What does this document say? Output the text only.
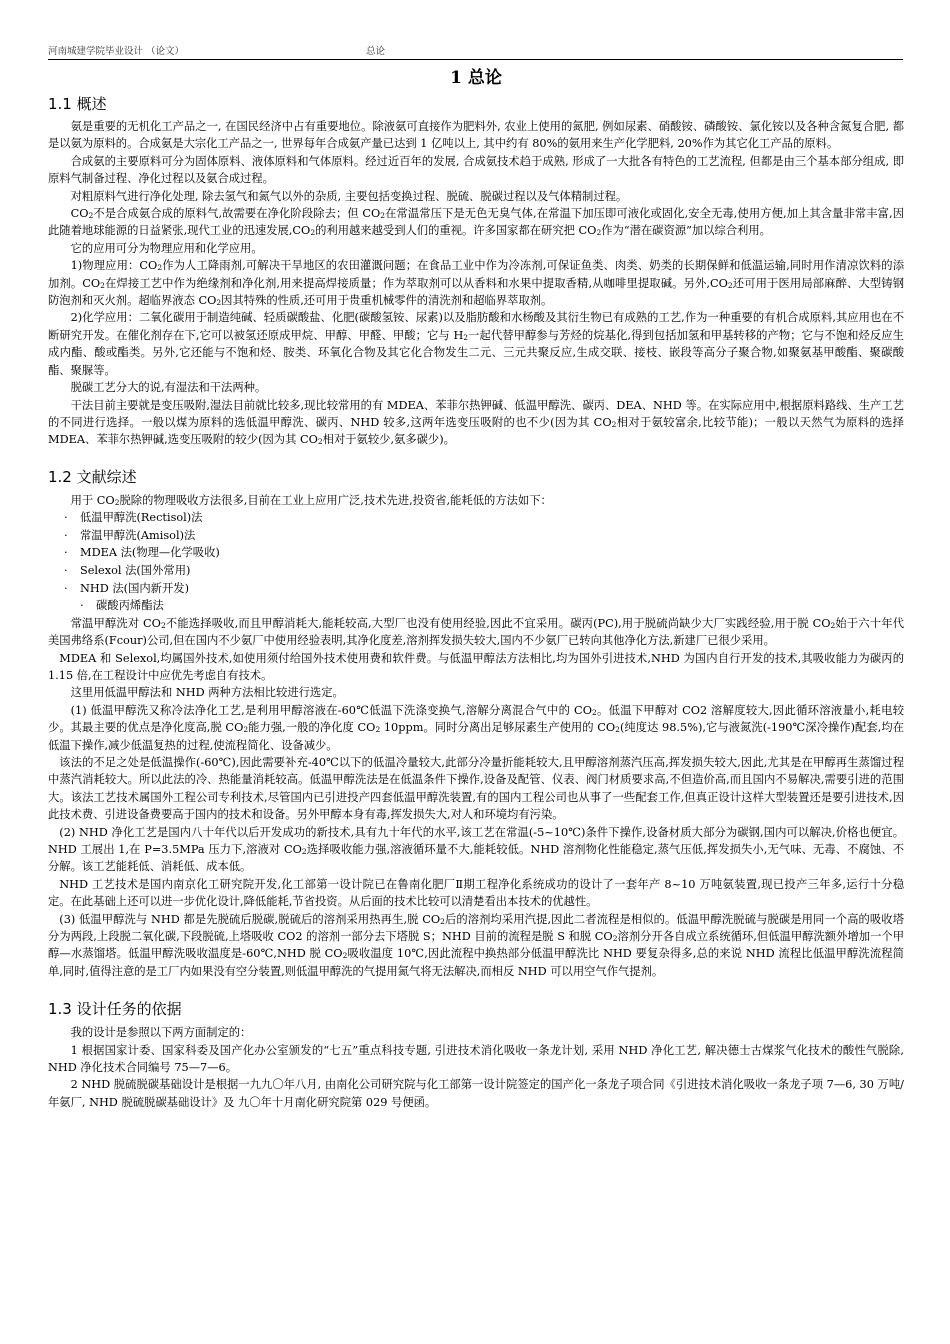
河南城建学院毕业设计 （论文）	总论
1 总论
1.1 概述

氨是重要的无机化工产品之一, 在国民经济中占有重要地位。除液氨可直接作为肥料外, 农业上使用的氮肥, 例如尿素、硝酸铵、磷酸铵、氯化铵以及各种含氮复合肥, 都是以氨为原料的。合成氨是大宗化工产品之一, 世界每年合成氨产量已达到 1 亿吨以上, 其中约有 80%的氨用来生产化学肥料, 20%作为其它化工产品的原料。

合成氨的主要原料可分为固体原料、液体原料和气体原料。经过近百年的发展, 合成氨技术趋于成熟, 形成了一大批各有特色的工艺流程, 但都是由三个基本部分组成, 即原料气制备过程、净化过程以及氨合成过程。

对粗原料气进行净化处理, 除去氢气和氮气以外的杂质, 主要包括变换过程、脱硫、脱碳过程以及气体精制过程。

$CO_2$不是合成氨合成的原料气,故需要在净化阶段除去；但 $CO_2$在常温常压下是无色无臭气体,在常温下加压即可液化或固化,安全无毒,使用方便,加上其含量非常丰富,因此随着地球能源的日益紧张,现代工业的迅速发展$,CO_2$的利用越来越受到人们的重视。许多国家都在研究把 $CO_2$作为“潜在碳资源”加以综合利用。

它的应用可分为物理应用和化学应用。

1)物理应用：$CO_2$作为人工降雨剂,可解决干旱地区的农田灌溉问题；在食品工业中作为冷冻剂,可保证鱼类、肉类、奶类的长期保鲜和低温运输,同时用作清凉饮料的添加剂。$CO_2$在焊接工艺中作为绝缘剂和净化剂,用来提高焊接质量；作为萃取剂可以从香料和水果中提取香精,从咖啡里提取碱。另外$,CO_2$还可用于医用局部麻醉、大型铸钢防泡剂和灭火剂。超临界液态 $CO_2$因其特殊的性质,还可用于贵重机械零件的清洗剂和超临界萃取剂。

2)化学应用：二氧化碳用于制造纯碱、轻质碳酸盐、化肥(碳酸氢铵、尿素)以及脂肪酸和水杨酸及其衍生物已有成熟的工艺,作为一种重要的有机合成原料,其应用也在不断研究开发。在催化剂存在下,它可以被氢还原成甲烷、甲醇、甲醛、甲酸；它与 $H_2$一起代替甲醇参与芳烃的烷基化,得到包括加氢和甲基转移的产物；它与不饱和烃反应生成内酯、酸或酯类。另外,它还能与不饱和烃、胺类、环氧化合物及其它化合物发生二元、三元共聚反应,生成交联、接枝、嵌段等高分子聚合物,如聚氨基甲酸酯、聚碳酸酯、聚脲等。

脱碳工艺分大的说,有湿法和干法两种。

干法目前主要就是变压吸附,湿法目前就比较多,现比较常用的有 MDEA、苯菲尔热钾碱、低温甲醇洗、碳丙、DEA、NHD 等。在实际应用中,根据原料路线、生产工艺的不同进行选择。一般以煤为原料的选低温甲醇洗、碳丙、NHD 较多,这两年选变压吸附的也不少(因为其 $CO_2$相对于氨较富余,比较节能)；一般以天然气为原料的选择 MDEA、苯菲尔热钾碱,选变压吸附的较少(因为其 $CO_2$相对于氨较少,氨多碳少)。

1.2 文献综述

用于 $CO_2$脱除的物理吸收方法很多,目前在工业上应用广泛,技术先进,投资省,能耗低的方法如下：

· 低温甲醇洗(Rectisol)法
· 常温甲醇洗(Amisol)法
· MDEA 法(物理—化学吸收)
· Selexol 法(国外常用)
· NHD 法(国内新开发)
· 碳酸丙烯酯法

常温甲醇洗对 $CO_2$不能选择吸收,而且甲醇消耗大,能耗较高,大型厂也没有使用经验,因此不宜采用。碳丙(PC),用于脱硫尚缺少大厂实践经验,用于脱 $CO_2$始于六十年代美国弗络系(Fcour)公司,但在国内不少氨厂中使用经验表明,其净化度差,溶剂挥发损失较大,国内不少氨厂已转向其他净化方法,新建厂已很少采用。

MDEA 和 Selexol,均属国外技术,如使用须付给国外技术使用费和软件费。与低温甲醇法方法相比,均为国外引进技术,NHD 为国内自行开发的技术,其吸收能力为碳丙的 1.15 倍,在工程设计中应优先考虑自有技术。

这里用低温甲醇法和 NHD 两种方法相比较进行选定。

(1) 低温甲醇洗又称冷法净化工艺,是利用甲醇溶液在-60℃低温下洗涤变换气,溶解分离混合气中的 $CO_2$。低温下甲醇对 CO2 溶解度较大,因此循环溶液量小,耗电较少。其最主要的优点是净化度高,脱 $CO_2$能力强,一般的净化度 $CO_2$ 10ppm。同时分离出足够尿素生产使用的 $CO_2$(纯度达 98.5%),它与液氮洗(-190℃深冷操作)配套,均在低温下操作,减少低温复热的过程,使流程简化、设备减少。

该法的不足之处是低温操作(-60℃),因此需要补充-40℃以下的低温冷量较大,此部分冷量折能耗较大,且甲醇溶剂蒸汽压高,挥发损失较大,因此,尤其是在甲醇再生蒸馏过程中蒸汽消耗较大。所以此法的冷、热能量消耗较高。低温甲醇洗法是在低温条件下操作,设备及配管、仪表、阀门材质要求高,不但造价高,而且国内不易解决,需要引进的范围大。该法工艺技术属国外工程公司专利技术,尽管国内已引进投产四套低温甲醇洗装置,有的国内工程公司也从事了一些配套工作,但真正设计这样大型装置还是要引进技术,因此技术费、引进设备费要高于国内的技术和设备。另外甲醇本身有毒,挥发损失大,对人和环境均有污染。

(2) NHD 净化工艺是国内八十年代以后开发成功的新技术,具有九十年代的水平,该工艺在常温(-5~10℃)条件下操作,设备材质大部分为碳钢,国内可以解决,价格也便宜。NHD 工展出 1,在 P=3.5MPa 压力下,溶液对 $CO_2$选择吸收能力强,溶液循环量不大,能耗较低。NHD 溶剂物化性能稳定,蒸气压低,挥发损失小,无气味、无毒、不腐蚀、不分解。该工艺能耗低、消耗低、成本低。

NHD 工艺技术是国内南京化工研究院开发,化工部第一设计院已在鲁南化肥厂Ⅱ期工程净化系统成功的设计了一套年产 8~10 万吨氨装置,现已投产三年多,运行十分稳定。在此基础上还可以进一步优化设计,降低能耗,节省投资。从后面的技术比较可以清楚看出本技术的优越性。

(3) 低温甲醇洗与 NHD 都是先脱硫后脱碳,脱硫后的溶剂采用热再生,脱 $CO_2$后的溶剂均采用汽提,因此二者流程是相似的。低温甲醇洗脱硫与脱碳是用同一个高的吸收塔分为两段,上段脱二氧化碳,下段脱硫,上塔吸收 CO2 的溶剂一部分去下塔脱 S；NHD 目前的流程是脱 S 和脱 $CO_2$溶剂分开各自成立系统循环,但低温甲醇洗额外增加一个甲醇—水蒸馏塔。低温甲醇洗吸收温度是-60℃,NHD 脱 $CO_2$吸收温度 10℃,因此流程中换热部分低温甲醇洗比 NHD 要复杂得多,总的来说 NHD 流程比低温甲醇洗流程简单,同时,值得注意的是工厂内如果没有空分装置,则低温甲醇洗的气提用氮气将无法解决,而相反 NHD 可以用空气作气提剂。

1.3 设计任务的依据

我的设计是参照以下两方面制定的：

1 根据国家计委、国家科委及国产化办公室颁发的“七五”重点科技专题, 引进技术消化吸收一条龙计划, 采用 NHD 净化工艺, 解决德士古煤浆气化技术的酸性气脱除, NHD 净化技术合同编号 75—7—6。

2 NHD 脱硫脱碳基础设计是根据一九九〇年八月, 由南化公司研究院与化工部第一设计院签定的国产化一条龙子项合同《引进技术消化吸收一条龙子项 7—6, 30 万吨/年氨厂, NHD 脱硫脱碳基础设计》及 九〇年十月南化研究院第 029 号便函。
